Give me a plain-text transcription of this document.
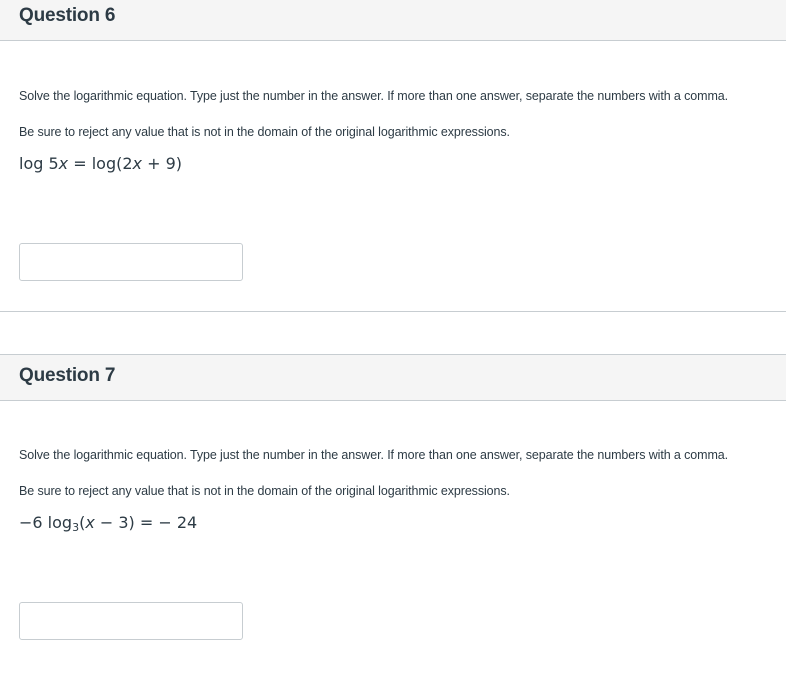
Question 6
Solve the logarithmic equation. Type just the number in the answer. If more than one answer, separate the numbers with a comma.
Be sure to reject any value that is not in the domain of the original logarithmic expressions.
log 5x = log(2x + 9)
Question 7
Solve the logarithmic equation. Type just the number in the answer. If more than one answer, separate the numbers with a comma.
Be sure to reject any value that is not in the domain of the original logarithmic expressions.
−6 $\log_3(x - 3)$ = − 24
